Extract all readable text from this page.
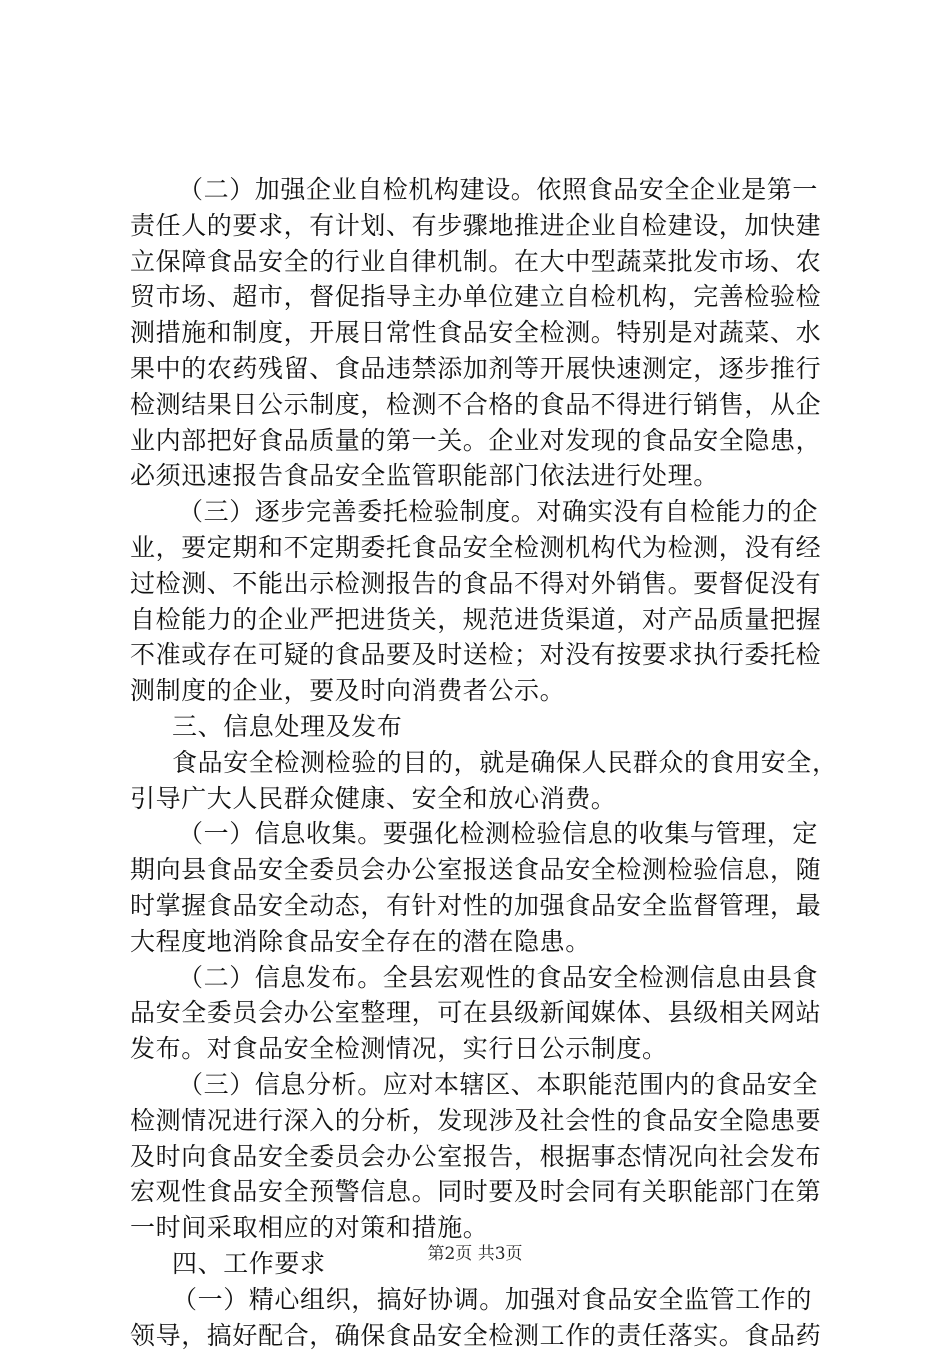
（二）加强企业自检机构建设。依照食品安全企业是第一
责任人的要求，有计划、有步骤地推进企业自检建设，加快建
立保障食品安全的行业自律机制。在大中型蔬菜批发市场、农
贸市场、超市，督促指导主办单位建立自检机构，完善检验检
测措施和制度，开展日常性食品安全检测。特别是对蔬菜、水
果中的农药残留、食品违禁添加剂等开展快速测定，逐步推行
检测结果日公示制度，检测不合格的食品不得进行销售，从企
业内部把好食品质量的第一关。企业对发现的食品安全隐患，
必须迅速报告食品安全监管职能部门依法进行处理。
（三）逐步完善委托检验制度。对确实没有自检能力的企
业，要定期和不定期委托食品安全检测机构代为检测，没有经
过检测、不能出示检测报告的食品不得对外销售。要督促没有
自检能力的企业严把进货关，规范进货渠道，对产品质量把握
不准或存在可疑的食品要及时送检；对没有按要求执行委托检
测制度的企业，要及时向消费者公示。
三、信息处理及发布
食品安全检测检验的目的，就是确保人民群众的食用安全，
引导广大人民群众健康、安全和放心消费。
（一）信息收集。要强化检测检验信息的收集与管理，定
期向县食品安全委员会办公室报送食品安全检测检验信息，随
时掌握食品安全动态，有针对性的加强食品安全监督管理，最
大程度地消除食品安全存在的潜在隐患。
（二）信息发布。全县宏观性的食品安全检测信息由县食
品安全委员会办公室整理，可在县级新闻媒体、县级相关网站
发布。对食品安全检测情况，实行日公示制度。
（三）信息分析。应对本辖区、本职能范围内的食品安全
检测情况进行深入的分析，发现涉及社会性的食品安全隐患要
及时向食品安全委员会办公室报告，根据事态情况向社会发布
宏观性食品安全预警信息。同时要及时会同有关职能部门在第
一时间采取相应的对策和措施。
四、工作要求
（一）精心组织，搞好协调。加强对食品安全监管工作的
领导，搞好配合，确保食品安全检测工作的责任落实。食品药
第2页 共3页
